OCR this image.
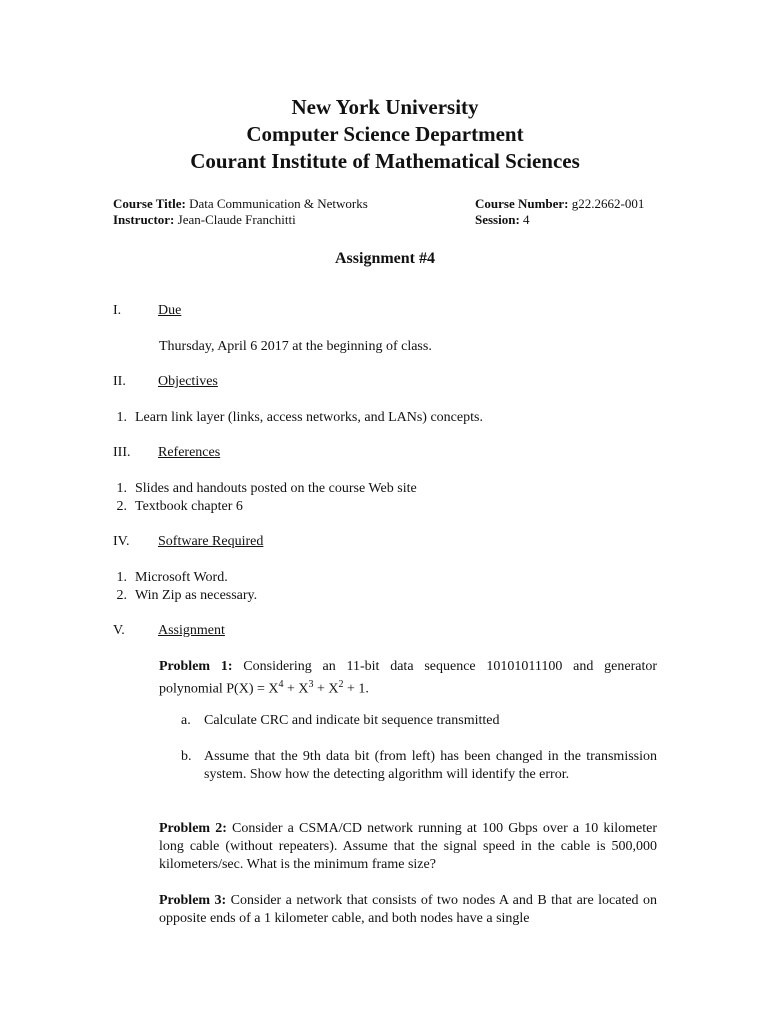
New York University
Computer Science Department
Courant Institute of Mathematical Sciences
Course Title: Data Communication & Networks
Instructor: Jean-Claude Franchitti
Course Number: g22.2662-001
Session: 4
Assignment #4
I.	Due
Thursday, April 6 2017 at the beginning of class.
II. Objectives
1. Learn link layer (links, access networks, and LANs) concepts.
III. References
1. Slides and handouts posted on the course Web site
2. Textbook chapter 6
IV. Software Required
1. Microsoft Word.
2. Win Zip as necessary.
V. Assignment
Problem 1: Considering an 11-bit data sequence 10101011100 and generator polynomial $P(X) = X^4 + X^3 + X^2 + 1$.
a. Calculate CRC and indicate bit sequence transmitted
b. Assume that the 9th data bit (from left) has been changed in the transmission system. Show how the detecting algorithm will identify the error.
Problem 2: Consider a CSMA/CD network running at 100 Gbps over a 10 kilometer long cable (without repeaters). Assume that the signal speed in the cable is 500,000 kilometers/sec. What is the minimum frame size?
Problem 3: Consider a network that consists of two nodes A and B that are located on opposite ends of a 1 kilometer cable, and both nodes have a single
